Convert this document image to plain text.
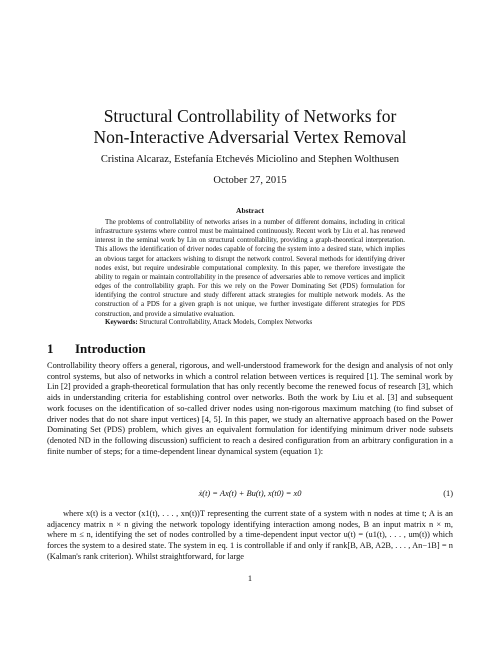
Structural Controllability of Networks for
Non-Interactive Adversarial Vertex Removal
Cristina Alcaraz, Estefanía Etchevés Miciolino and Stephen Wolthusen
October 27, 2015
Abstract
The problems of controllability of networks arises in a number of different domains, including in critical infrastructure systems where control must be maintained continuously. Recent work by Liu et al. has renewed interest in the seminal work by Lin on structural controllability, providing a graph-theoretical interpretation. This allows the identification of driver nodes capable of forcing the system into a desired state, which implies an obvious target for attackers wishing to disrupt the network control. Several methods for identifying driver nodes exist, but require undesirable computational complexity. In this paper, we therefore investigate the ability to regain or maintain controllability in the presence of adversaries able to remove vertices and implicit edges of the controllability graph. For this we rely on the Power Dominating Set (PDS) formulation for identifying the control structure and study different attack strategies for multiple network models. As the construction of a PDS for a given graph is not unique, we further investigate different strategies for PDS construction, and provide a simulative evaluation.
Keywords: Structural Controllability, Attack Models, Complex Networks
1 Introduction
Controllability theory offers a general, rigorous, and well-understood framework for the design and analysis of not only control systems, but also of networks in which a control relation between vertices is required [1]. The seminal work by Lin [2] provided a graph-theoretical formulation that has only recently become the renewed focus of research [3], which aids in understanding criteria for establishing control over networks. Both the work by Liu et al. [3] and subsequent work focuses on the identification of so-called driver nodes using non-rigorous maximum matching (to find subset of driver nodes that do not share input vertices) [4, 5]. In this paper, we study an alternative approach based on the Power Dominating Set (PDS) problem, which gives an equivalent formulation for identifying minimum driver node subsets (denoted ND in the following discussion) sufficient to reach a desired configuration from an arbitrary configuration in a finite number of steps; for a time-dependent linear dynamical system (equation 1):
ẋ(t) = Ax(t) + Bu(t), x(t0) = x0	(1)
where x(t) is a vector (x1(t), . . . , xn(t))T representing the current state of a system with n nodes at time t; A is an adjacency matrix n × n giving the network topology identifying interaction among nodes, B an input matrix n × m, where m ≤ n, identifying the set of nodes controlled by a time-dependent input vector u(t) = (u1(t), . . . , um(t)) which forces the system to a desired state. The system in eq. 1 is controllable if and only if rank[B, AB, A2B, . . . , An−1B] = n (Kalman's rank criterion). Whilst straightforward, for large
1
